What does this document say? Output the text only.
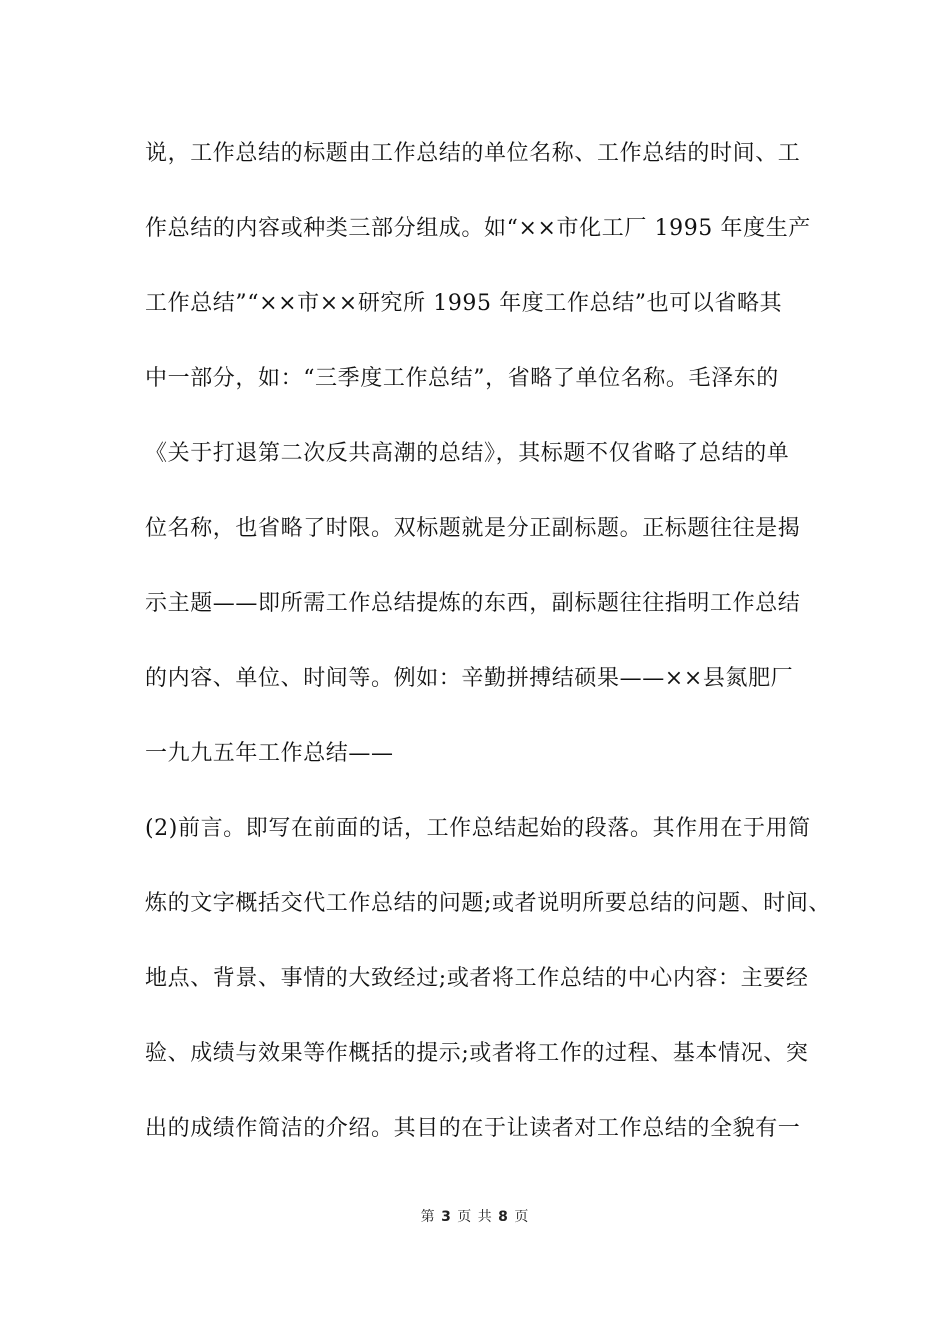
说，工作总结的标题由工作总结的单位名称、工作总结的时间、工
作总结的内容或种类三部分组成。如“××市化工厂 1995 年度生产
工作总结”“××市××研究所 1995 年度工作总结”也可以省略其
中一部分，如：“三季度工作总结”，省略了单位名称。毛泽东的
《关于打退第二次反共高潮的总结》，其标题不仅省略了总结的单
位名称，也省略了时限。双标题就是分正副标题。正标题往往是揭
示主题——即所需工作总结提炼的东西，副标题往往指明工作总结
的内容、单位、时间等。例如：辛勤拼搏结硕果——××县氮肥厂
一九九五年工作总结——
(2)前言。即写在前面的话，工作总结起始的段落。其作用在于用简
炼的文字概括交代工作总结的问题;或者说明所要总结的问题、时间、
地点、背景、事情的大致经过;或者将工作总结的中心内容：主要经
验、成绩与效果等作概括的提示;或者将工作的过程、基本情况、突
出的成绩作简洁的介绍。其目的在于让读者对工作总结的全貌有一
第 3 页 共 8 页
